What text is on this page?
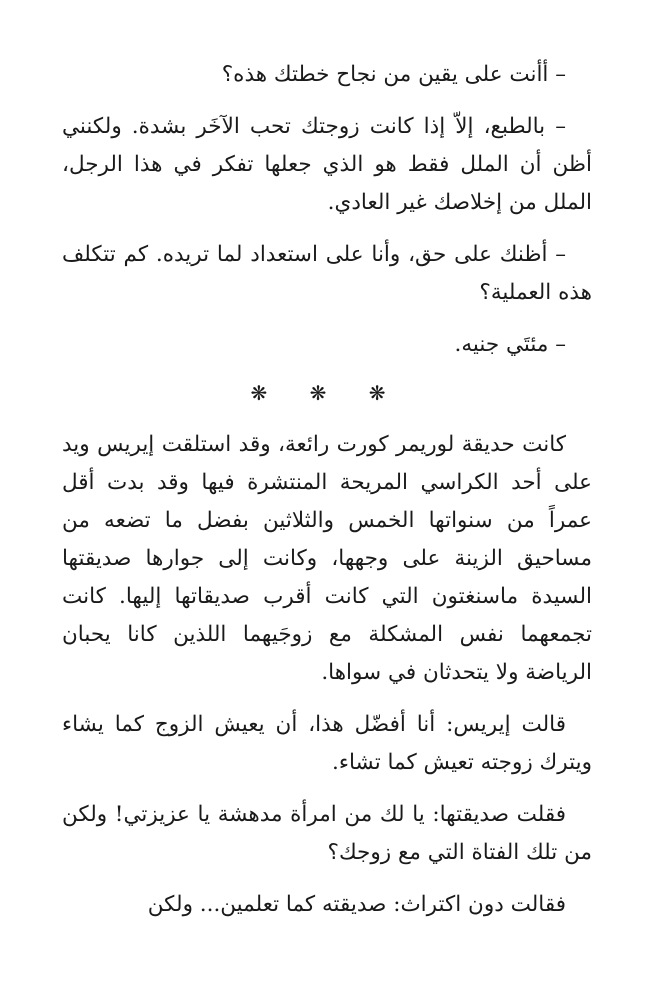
– أأنت على يقين من نجاح خطتك هذه؟

– بالطبع، إلاّ إذا كانت زوجتك تحب الآخَر بشدة. ولكنني أظن أن الملل فقط هو الذي جعلها تفكر في هذا الرجل، الملل من إخلاصك غير العادي.

– أظنك على حق، وأنا على استعداد لما تريده. كم تتكلف هذه العملية؟

– مئتَي جنيه.

❋ ❋ ❋

كانت حديقة لوريمر كورت رائعة، وقد استلقت إيريس ويد على أحد الكراسي المريحة المنتشرة فيها وقد بدت أقل عمراً من سنواتها الخمس والثلاثين بفضل ما تضعه من مساحيق الزينة على وجهها، وكانت إلى جوارها صديقتها السيدة ماسنغتون التي كانت أقرب صديقاتها إليها. كانت تجمعهما نفس المشكلة مع زوجَيهما اللذين كانا يحبان الرياضة ولا يتحدثان في سواها.

قالت إيريس: أنا أفضّل هذا، أن يعيش الزوج كما يشاء ويترك زوجته تعيش كما تشاء.

فقلت صديقتها: يا لك من امرأة مدهشة يا عزيزتي! ولكن من تلك الفتاة التي مع زوجك؟

فقالت دون اكتراث: صديقته كما تعلمين... ولكن
